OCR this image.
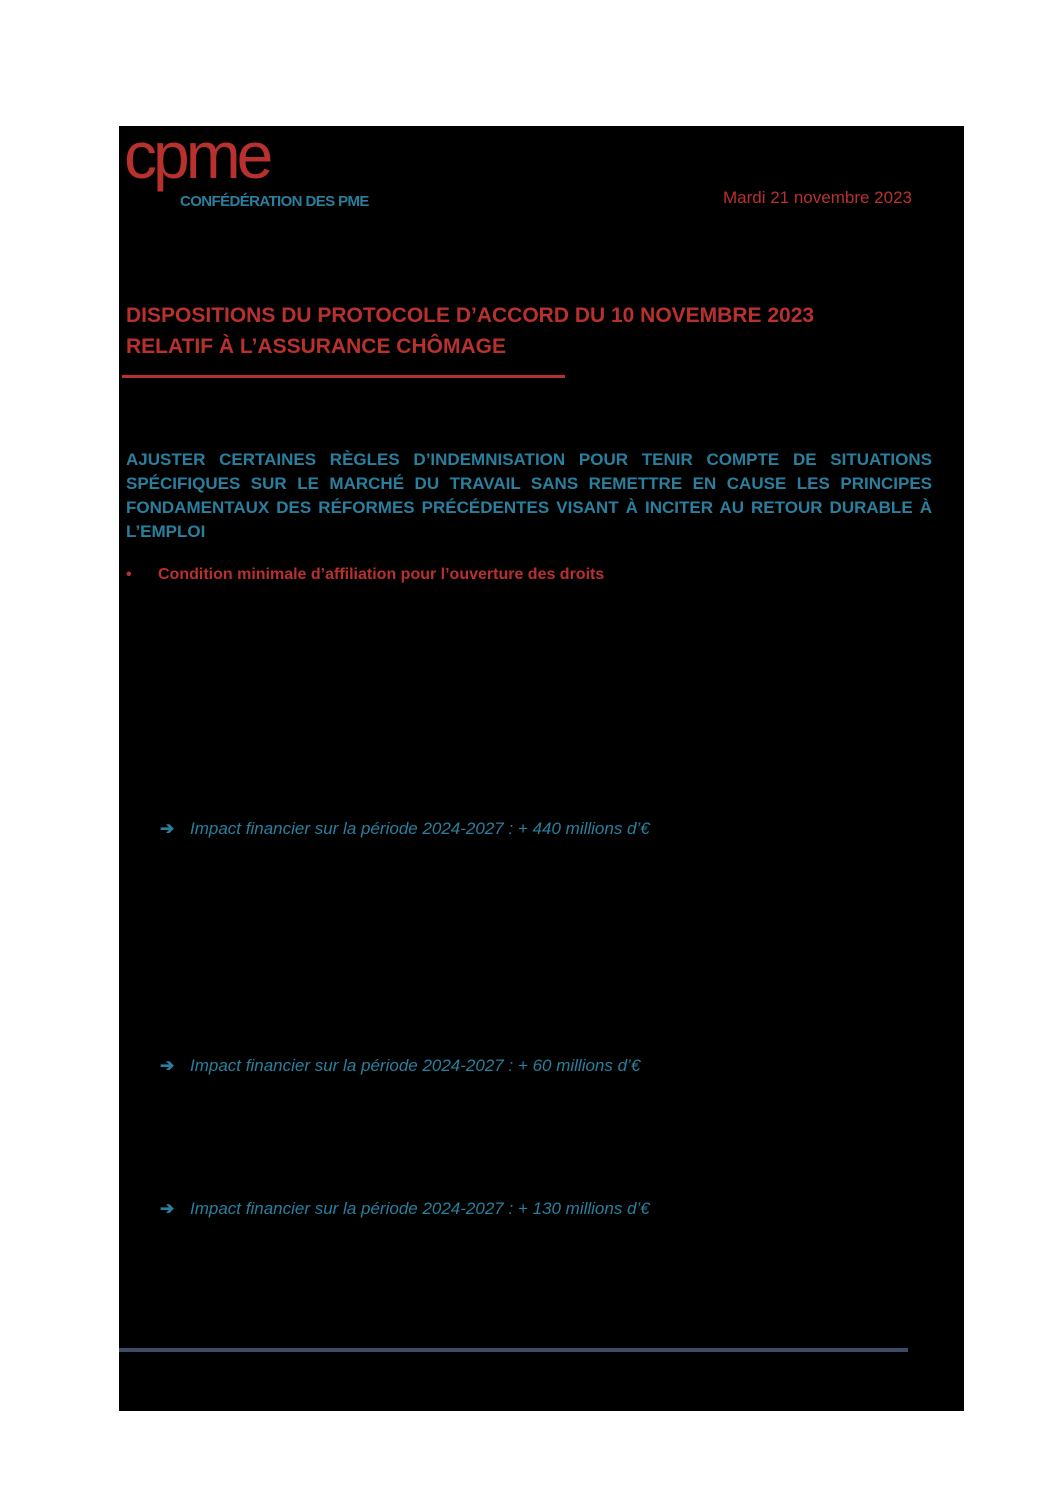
cpme
CONFÉDÉRATION DES PME	Mardi 21 novembre 2023
DISPOSITIONS DU PROTOCOLE D’ACCORD DU 10 NOVEMBRE 2023
RELATIF À L’ASSURANCE CHÔMAGE
AJUSTER CERTAINES RÈGLES D’INDEMNISATION POUR TENIR COMPTE DE SITUATIONS SPÉCIFIQUES SUR LE MARCHÉ DU TRAVAIL SANS REMETTRE EN CAUSE LES PRINCIPES FONDAMENTAUX DES RÉFORMES PRÉCÉDENTES VISANT À INCITER AU RETOUR DURABLE À L’EMPLOI
• Condition minimale d’affiliation pour l’ouverture des droits
➔ Impact financier sur la période 2024-2027 : + 440 millions d’€
➔ Impact financier sur la période 2024-2027 : + 60 millions d’€
➔ Impact financier sur la période 2024-2027 : + 130 millions d’€
